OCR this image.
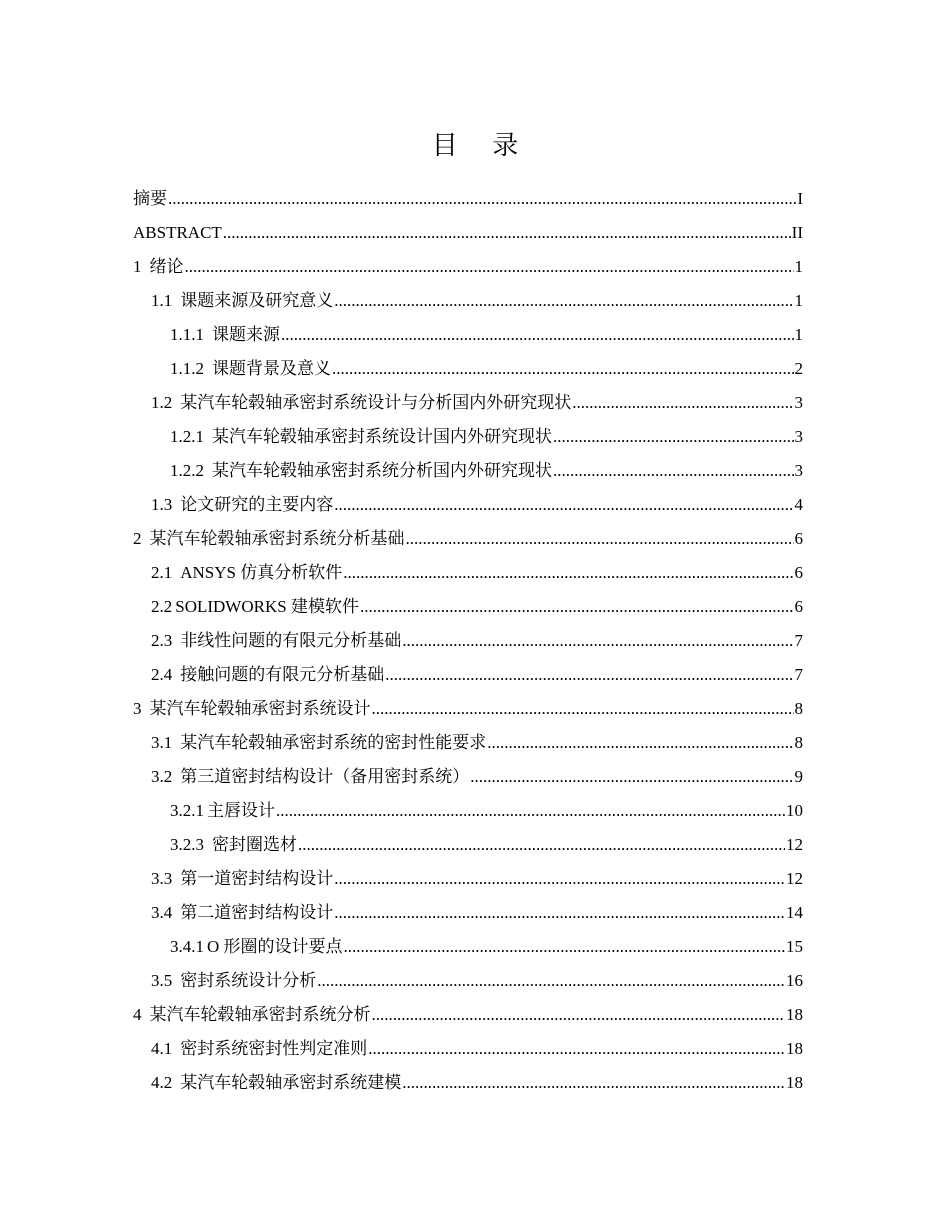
目 录
摘要 .....	I
ABSTRACT .....	II
1 绪论 .....	1
1.1 课题来源及研究意义 .....	1
1.1.1 课题来源 .....	1
1.1.2 课题背景及意义 .....	2
1.2 某汽车轮毂轴承密封系统设计与分析国内外研究现状 .....	3
1.2.1 某汽车轮毂轴承密封系统设计国内外研究现状 .....	3
1.2.2 某汽车轮毂轴承密封系统分析国内外研究现状 .....	3
1.3 论文研究的主要内容 .....	4
2 某汽车轮毂轴承密封系统分析基础 .....	6
2.1 ANSYS 仿真分析软件 .....	6
2.2 SOLIDWORKS 建模软件 .....	6
2.3 非线性问题的有限元分析基础 .....	7
2.4 接触问题的有限元分析基础 .....	7
3 某汽车轮毂轴承密封系统设计 .....	8
3.1 某汽车轮毂轴承密封系统的密封性能要求 .....	8
3.2 第三道密封结构设计（备用密封系统） .....	9
3.2.1 主唇设计 .....	10
3.2.3 密封圈选材 .....	12
3.3 第一道密封结构设计 .....	12
3.4 第二道密封结构设计 .....	14
3.4.1 O 形圈的设计要点 .....	15
3.5 密封系统设计分析 .....	16
4 某汽车轮毂轴承密封系统分析 .....	18
4.1 密封系统密封性判定准则 .....	18
4.2 某汽车轮毂轴承密封系统建模 .....	18
